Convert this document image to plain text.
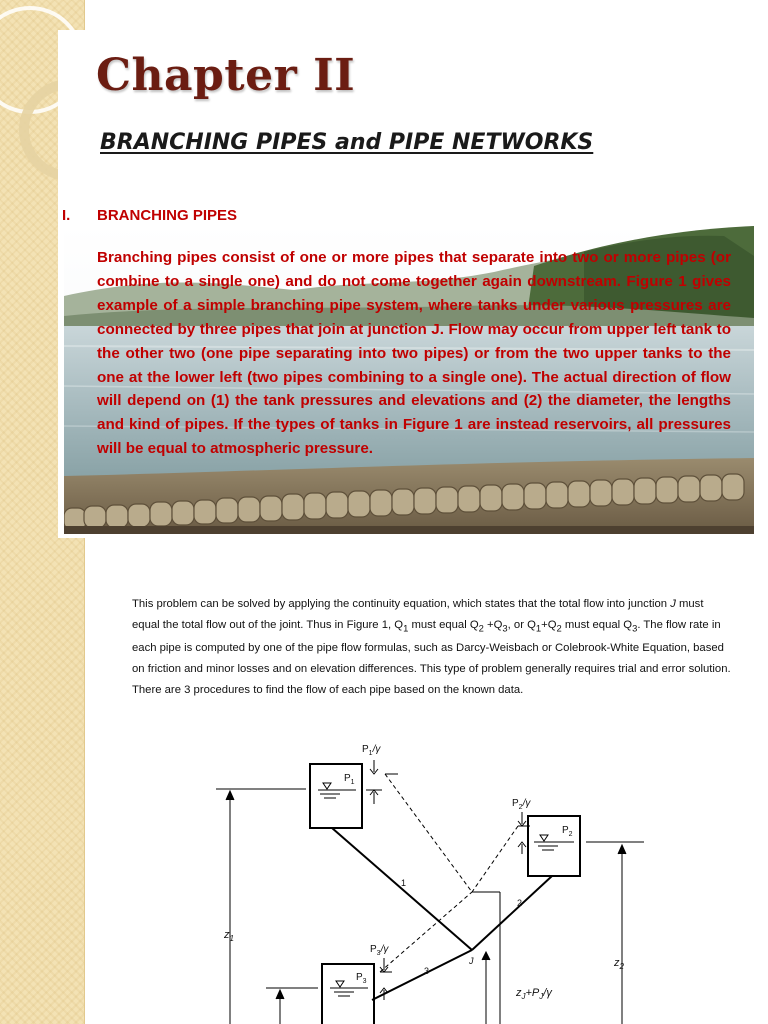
Chapter II
BRANCHING PIPES and PIPE NETWORKS
I. BRANCHING PIPES

Branching pipes consist of one or more pipes that separate into two or more pipes (or combine to a single one) and do not come together again downstream. Figure 1 gives example of a simple branching pipe system, where tanks under various pressures are connected by three pipes that join at junction J. Flow may occur from upper left tank to the other two (one pipe separating into two pipes) or from the two upper tanks to the one at the lower left (two pipes combining to a single one). The actual direction of flow will depend on (1) the tank pressures and elevations and (2) the diameter, the lengths and kind of pipes. If the types of tanks in Figure 1 are instead reservoirs, all pressures will be equal to atmospheric pressure.

This problem can be solved by applying the continuity equation, which states that the total flow into junction J must equal the total flow out of the joint. Thus in Figure 1, $Q_1$ must equal $Q_2 +Q_3$, or $Q_1+Q_2$ must equal $Q_3$. The flow rate in each pipe is computed by one of the pipe flow formulas, such as Darcy-Weisbach or Colebrook-White Equation, based on friction and minor losses and on elevation differences. This type of problem generally requires trial and error solution. There are 3 procedures to find the flow of each pipe based on the known data.

$P_1$
$P_2$
$P_3$
1
2
3
J
$P_1/\gamma$
$P_2/\gamma$
$P_3/\gamma$
$z_J+P_J/\gamma$
$z_1$
$z_2$
